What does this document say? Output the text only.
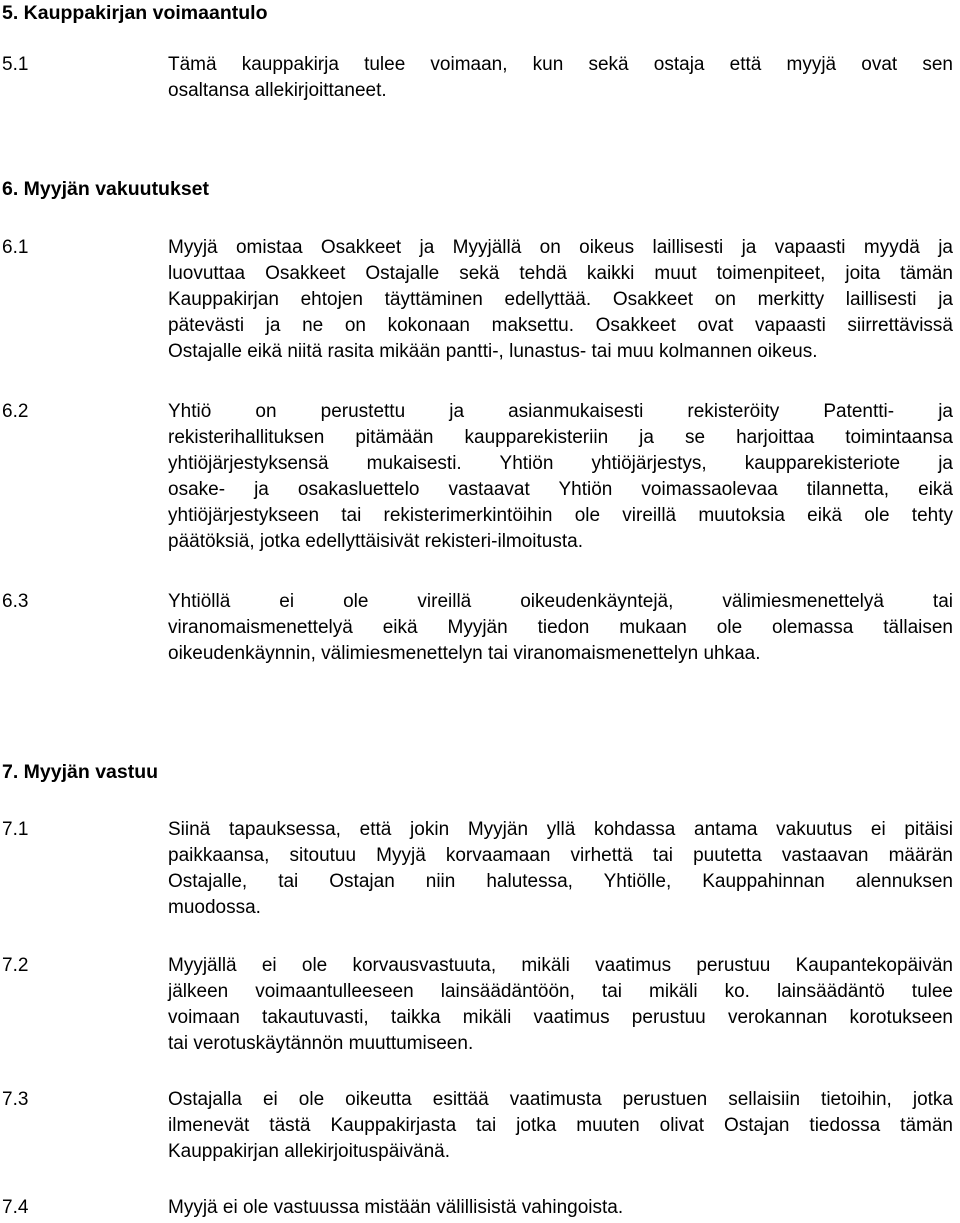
5. Kauppakirjan voimaantulo
5.1	Tämä kauppakirja tulee voimaan, kun sekä ostaja että myyjä ovat sen
osaltansa allekirjoittaneet.
6. Myyjän vakuutukset
6.1	Myyjä omistaa Osakkeet ja Myyjällä on oikeus laillisesti ja vapaasti myydä ja
luovuttaa Osakkeet Ostajalle sekä tehdä kaikki muut toimenpiteet, joita tämän
Kauppakirjan ehtojen täyttäminen edellyttää. Osakkeet on merkitty laillisesti ja
pätevästi ja ne on kokonaan maksettu. Osakkeet ovat vapaasti siirrettävissä
Ostajalle eikä niitä rasita mikään pantti-, lunastus- tai muu kolmannen oikeus.
6.2	Yhtiö on perustettu ja asianmukaisesti rekisteröity Patentti- ja
rekisterihallituksen pitämään kaupparekisteriin ja se harjoittaa toimintaansa
yhtiöjärjestyksensä mukaisesti. Yhtiön yhtiöjärjestys, kaupparekisteriote ja
osake- ja osakasluettelo vastaavat Yhtiön voimassaolevaa tilannetta, eikä
yhtiöjärjestykseen tai rekisterimerkintöihin ole vireillä muutoksia eikä ole tehty
päätöksiä, jotka edellyttäisivät rekisteri-ilmoitusta.
6.3	Yhtiöllä ei ole vireillä oikeudenkäyntejä, välimiesmenettelyä tai
viranomaismenettelyä eikä Myyjän tiedon mukaan ole olemassa tällaisen
oikeudenkäynnin, välimiesmenettelyn tai viranomaismenettelyn uhkaa.
7. Myyjän vastuu
7.1	Siinä tapauksessa, että jokin Myyjän yllä kohdassa antama vakuutus ei pitäisi
paikkaansa, sitoutuu Myyjä korvaamaan virhettä tai puutetta vastaavan määrän
Ostajalle, tai Ostajan niin halutessa, Yhtiölle, Kauppahinnan alennuksen
muodossa.
7.2	Myyjällä ei ole korvausvastuuta, mikäli vaatimus perustuu Kaupantekopäivän
jälkeen voimaantulleeseen lainsäädäntöön, tai mikäli ko. lainsäädäntö tulee
voimaan takautuvasti, taikka mikäli vaatimus perustuu verokannan korotukseen
tai verotuskäytännön muuttumiseen.
7.3	Ostajalla ei ole oikeutta esittää vaatimusta perustuen sellaisiin tietoihin, jotka
ilmenevät tästä Kauppakirjasta tai jotka muuten olivat Ostajan tiedossa tämän
Kauppakirjan allekirjoituspäivänä.
7.4	Myyjä ei ole vastuussa mistään välillisistä vahingoista.
